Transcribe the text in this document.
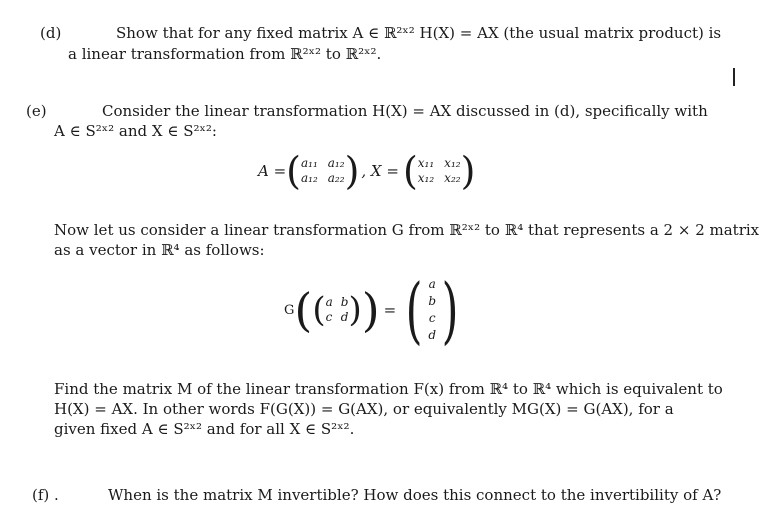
(d)	Show that for any fixed matrix A ∈ ℝ²ˣ² H(X) = AX (the usual matrix product) is
a linear transformation from ℝ²ˣ² to ℝ²ˣ².
(e)	Consider the linear transformation H(X) = AX discussed in (d), specifically with
A ∈ S²ˣ² and X ∈ S²ˣ²:
A = ( a₁₁ a₁₂
a₁₂ a₂₂ ) , X = ( x₁₁ x₁₂
x₁₂ x₂₂ )
Now let us consider a linear transformation G from ℝ²ˣ² to ℝ⁴ that represents a 2 × 2 matrix
as a vector in ℝ⁴ as follows:
G ( ( a b
c d ) ) = ( a
b
c
d )
Find the matrix M of the linear transformation F(x) from ℝ⁴ to ℝ⁴ which is equivalent to
H(X) = AX. In other words F(G(X)) = G(AX), or equivalently MG(X) = G(AX), for a
given fixed A ∈ S²ˣ² and for all X ∈ S²ˣ².
(f) .	When is the matrix M invertible? How does this connect to the invertibility of A?
